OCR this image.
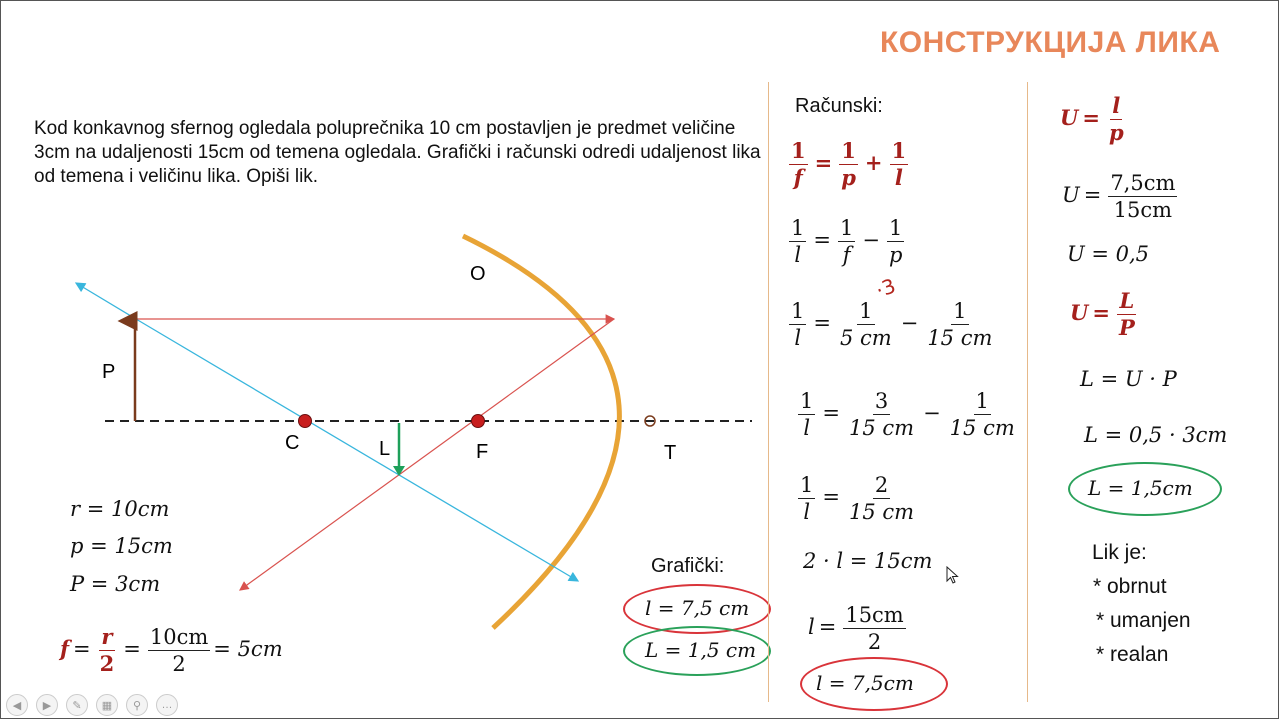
КОНСТРУКЦИЈА ЛИКА
Kod konkavnog sfernog ogledala poluprečnika 10 cm postavljen je predmet veličine 3cm na udaljenosti 15cm od temena ogledala. Grafički i računski odredi udaljenost lika od temena i veličinu lika. Opiši lik.
O
P
C	L	F	T
r = 10cm
p = 15cm
P = 3cm
$f = \frac{r}{2} = \frac{10cm}{2} = 5cm$
Grafički:
l = 7,5 cm
L = 1,5 cm
Računski:
$\frac{1}{f} = \frac{1}{p} + \frac{1}{l}$
$\frac{1}{l} = \frac{1}{f} - \frac{1}{p}$
$\frac{1}{l} = \frac{1}{5 cm} - \frac{1}{15 cm}$
·3
$\frac{1}{l} = \frac{3}{15 cm} - \frac{1}{15 cm}$
$\frac{1}{l} = \frac{2}{15 cm}$
2 · l = 15cm
$l = \frac{15cm}{2}$
l = 7,5cm
$U = \frac{l}{p}$
$U = \frac{7,5cm}{15cm}$
U = 0,5
$U = \frac{L}{P}$
L = U · P
L = 0,5 · 3cm
L = 1,5cm
Lik je:
* obrnut
* umanjen
* realan
◀	▶	✎	▦	⚲	…
